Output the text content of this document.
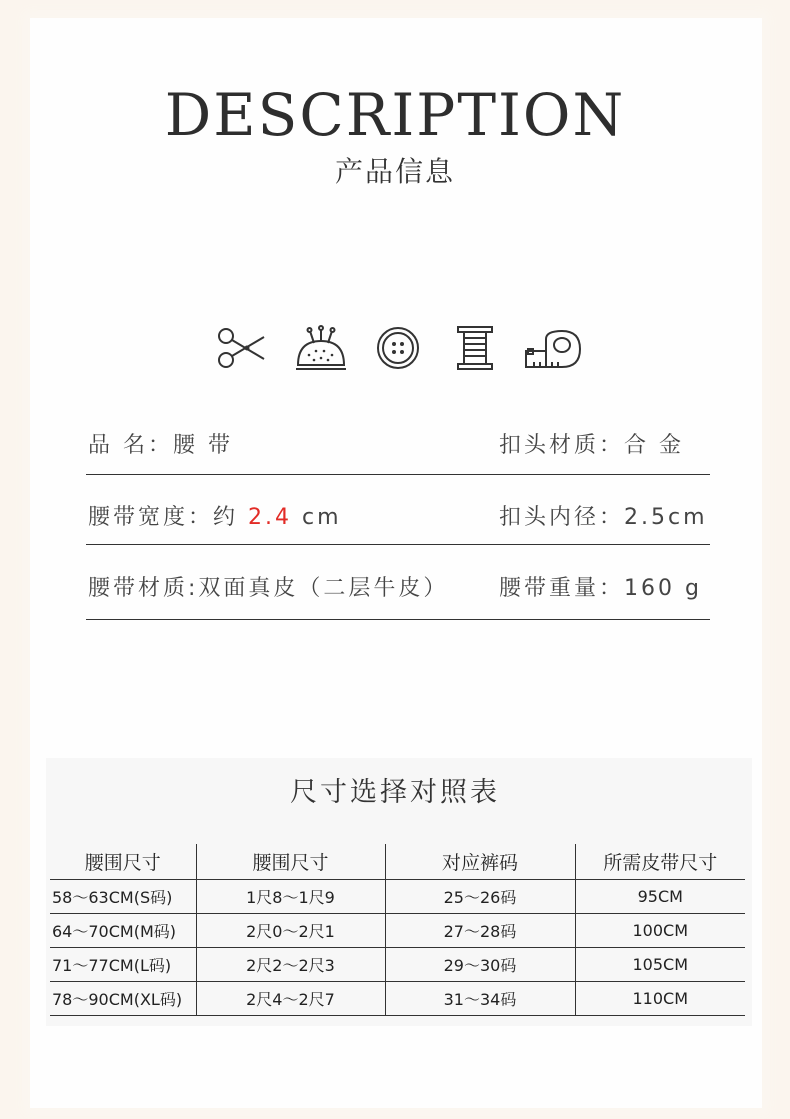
DESCRIPTION
产品信息
品 名：腰 带	扣头材质：合 金
腰带宽度：约 2.4 cm	扣头内径：2.5cm
腰带材质:双面真皮（二层牛皮） 腰带重量：160 g
尺寸选择对照表
腰围尺寸	腰围尺寸	对应裤码	所需皮带尺寸
58～63CM(S码)	1尺8～1尺9	25～26码	95CM
64～70CM(M码)	2尺0～2尺1	27～28码	100CM
71～77CM(L码)	2尺2～2尺3	29～30码	105CM
78～90CM(XL码)	2尺4～2尺7	31～34码	110CM
